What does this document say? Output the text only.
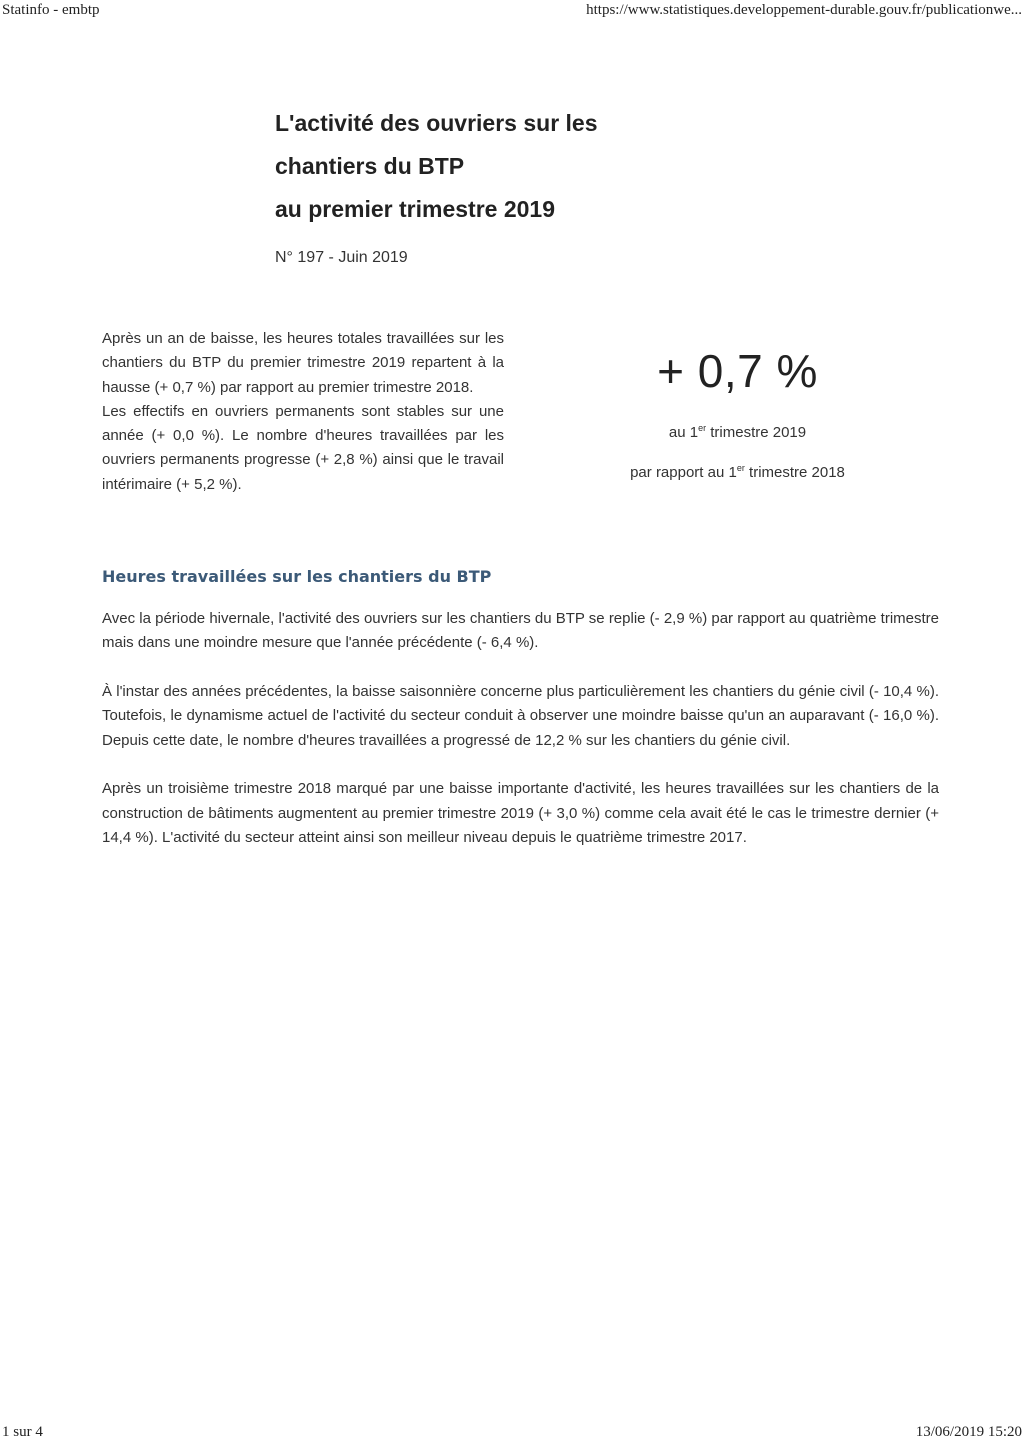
Statinfo - embtp	https://www.statistiques.developpement-durable.gouv.fr/publicationwe...
L'activité des ouvriers sur les
chantiers du BTP
au premier trimestre 2019
N° 197 - Juin 2019

Après un an de baisse, les heures totales travaillées sur les chantiers du BTP du premier trimestre 2019 repartent à la hausse (+ 0,7 %) par rapport au premier trimestre 2018.

Les effectifs en ouvriers permanents sont stables sur une année (+ 0,0 %). Le nombre d'heures travaillées par les ouvriers permanents progresse (+ 2,8 %) ainsi que le travail intérimaire (+ 5,2 %).

+ 0,7 %
au 1er trimestre 2019
par rapport au 1er trimestre 2018
Heures travaillées sur les chantiers du BTP

Avec la période hivernale, l'activité des ouvriers sur les chantiers du BTP se replie (- 2,9 %) par rapport au quatrième trimestre mais dans une moindre mesure que l'année précédente (- 6,4 %).

À l'instar des années précédentes, la baisse saisonnière concerne plus particulièrement les chantiers du génie civil (- 10,4 %). Toutefois, le dynamisme actuel de l'activité du secteur conduit à observer une moindre baisse qu'un an auparavant (- 16,0 %). Depuis cette date, le nombre d'heures travaillées a progressé de 12,2 % sur les chantiers du génie civil.

Après un troisième trimestre 2018 marqué par une baisse importante d'activité, les heures travaillées sur les chantiers de la construction de bâtiments augmentent au premier trimestre 2019 (+ 3,0 %) comme cela avait été le cas le trimestre dernier (+ 14,4 %). L'activité du secteur atteint ainsi son meilleur niveau depuis le quatrième trimestre 2017.

1 sur 4	13/06/2019 15:20
